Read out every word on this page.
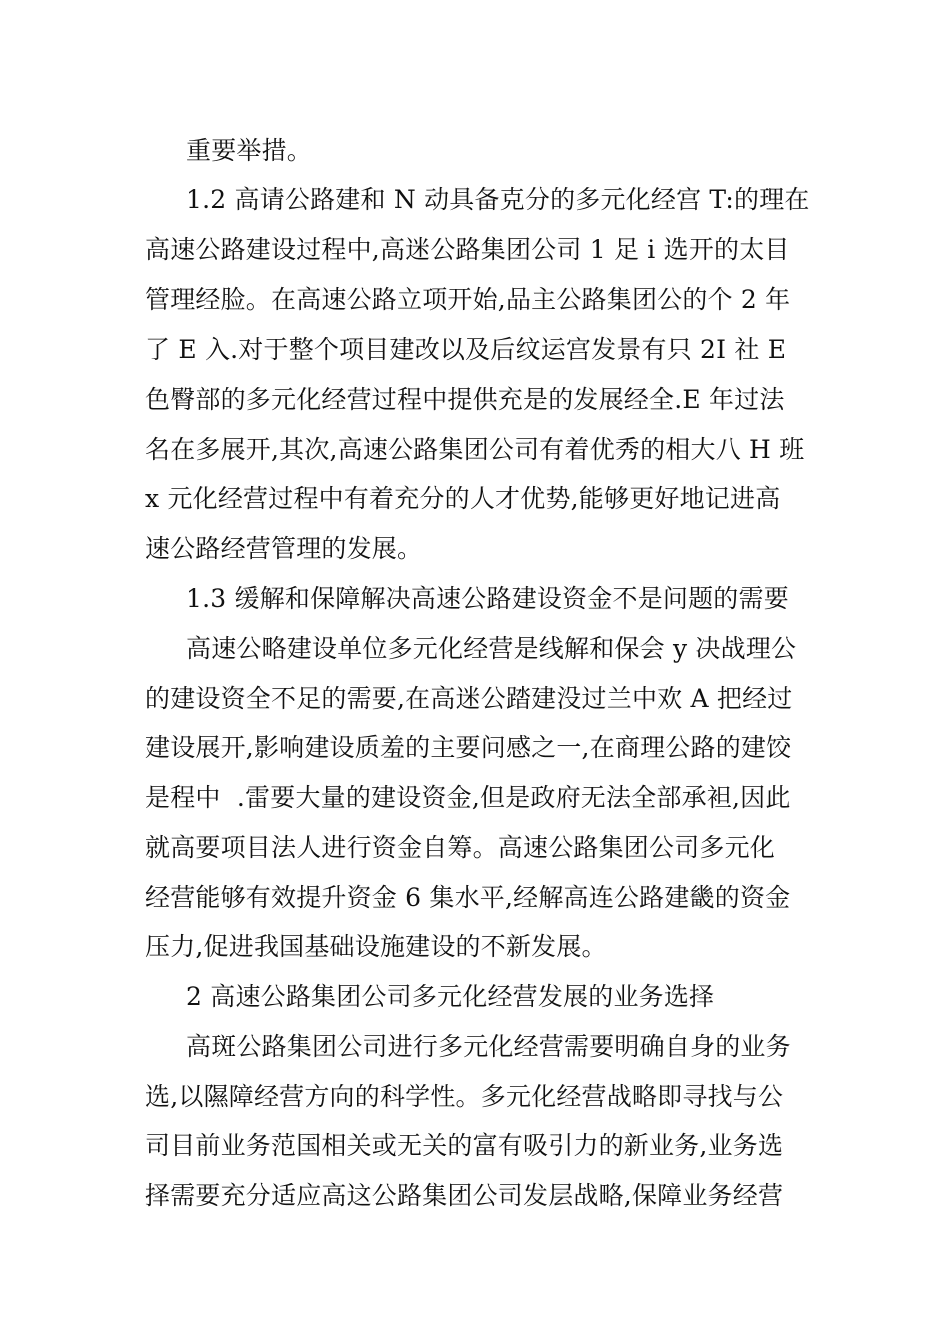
重要举措。

1.2 高请公路建和 N 动具备克分的多元化经宫 T:的理在

高速公路建设过程中,高迷公路集团公司 1 足 i 选开的太目

管理经脸。在高速公路立项开始,品主公路集团公的个 2 年

了 E 入.对于整个项目建改以及后纹运宫发景有只 2I 社 E

色臀部的多元化经营过程中提供充是的发展经全.E 年过法

名在多展开,其次,高速公路集团公司有着优秀的相大八 H 班

x 元化经营过程中有着充分的人才优势,能够更好地记进高

速公路经营管理的发展。

1.3 缓解和保障解决高速公路建设资金不是问题的需要

高速公略建设单位多元化经营是线解和保会 y 决战理公

的建设资全不足的需要,在高迷公踏建没过兰中欢 A 把经过

建设展开,影响建设质羞的主要问感之一,在商理公路的建饺

是程中  .雷要大量的建设资金,但是政府无法全部承袒,因此

就高要项目法人进行资金自筹。高速公路集团公司多元化

经营能够有效提升资金 6 集水平,经解高连公路建畿的资金

压力,促进我国基础设施建设的不新发展。

2 高速公路集团公司多元化经营发展的业务选择

高斑公路集团公司进行多元化经营需要明确自身的业务

选,以隰障经营方向的科学性。多元化经营战略即寻找与公

司目前业务范国相关或无关的富有吸引力的新业务,业务选

择需要充分适应高这公路集团公司发层战略,保障业务经营
